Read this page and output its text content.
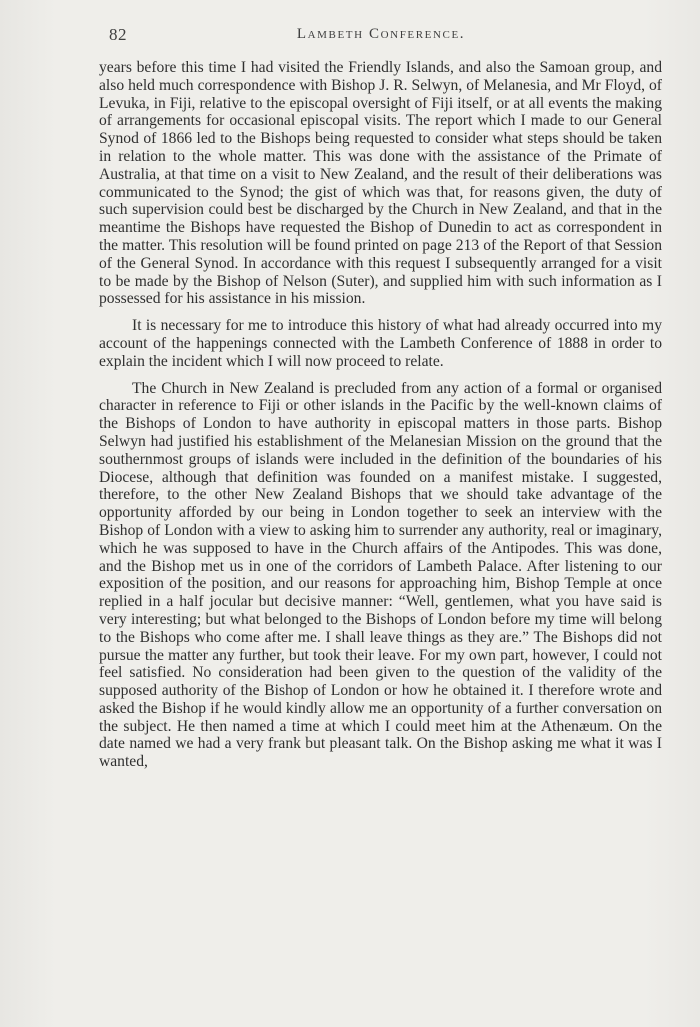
82	Lambeth Conference.

years before this time I had visited the Friendly Islands, and also the Samoan group, and also held much correspondence with Bishop J. R. Selwyn, of Melanesia, and Mr Floyd, of Levuka, in Fiji, relative to the episcopal oversight of Fiji itself, or at all events the making of arrangements for occasional episcopal visits. The report which I made to our General Synod of 1866 led to the Bishops being requested to consider what steps should be taken in relation to the whole matter. This was done with the assistance of the Primate of Australia, at that time on a visit to New Zealand, and the result of their deliberations was communicated to the Synod; the gist of which was that, for reasons given, the duty of such supervision could best be discharged by the Church in New Zealand, and that in the meantime the Bishops have requested the Bishop of Dunedin to act as correspondent in the matter. This resolution will be found printed on page 213 of the Report of that Session of the General Synod. In accordance with this request I subsequently arranged for a visit to be made by the Bishop of Nelson (Suter), and supplied him with such information as I possessed for his assistance in his mission.

It is necessary for me to introduce this history of what had already occurred into my account of the happenings connected with the Lambeth Conference of 1888 in order to explain the incident which I will now proceed to relate.

The Church in New Zealand is precluded from any action of a formal or organised character in reference to Fiji or other islands in the Pacific by the well-known claims of the Bishops of London to have authority in episcopal matters in those parts. Bishop Selwyn had justified his establishment of the Melanesian Mission on the ground that the southernmost groups of islands were included in the definition of the boundaries of his Diocese, although that definition was founded on a manifest mistake. I suggested, therefore, to the other New Zealand Bishops that we should take advantage of the opportunity afforded by our being in London together to seek an interview with the Bishop of London with a view to asking him to surrender any authority, real or imaginary, which he was supposed to have in the Church affairs of the Antipodes. This was done, and the Bishop met us in one of the corridors of Lambeth Palace. After listening to our exposition of the position, and our reasons for approaching him, Bishop Temple at once replied in a half jocular but decisive manner: “Well, gentlemen, what you have said is very interesting; but what belonged to the Bishops of London before my time will belong to the Bishops who come after me. I shall leave things as they are.” The Bishops did not pursue the matter any further, but took their leave. For my own part, however, I could not feel satisfied. No consideration had been given to the question of the validity of the supposed authority of the Bishop of London or how he obtained it. I therefore wrote and asked the Bishop if he would kindly allow me an opportunity of a further conversation on the subject. He then named a time at which I could meet him at the Athenæum. On the date named we had a very frank but pleasant talk. On the Bishop asking me what it was I wanted,
